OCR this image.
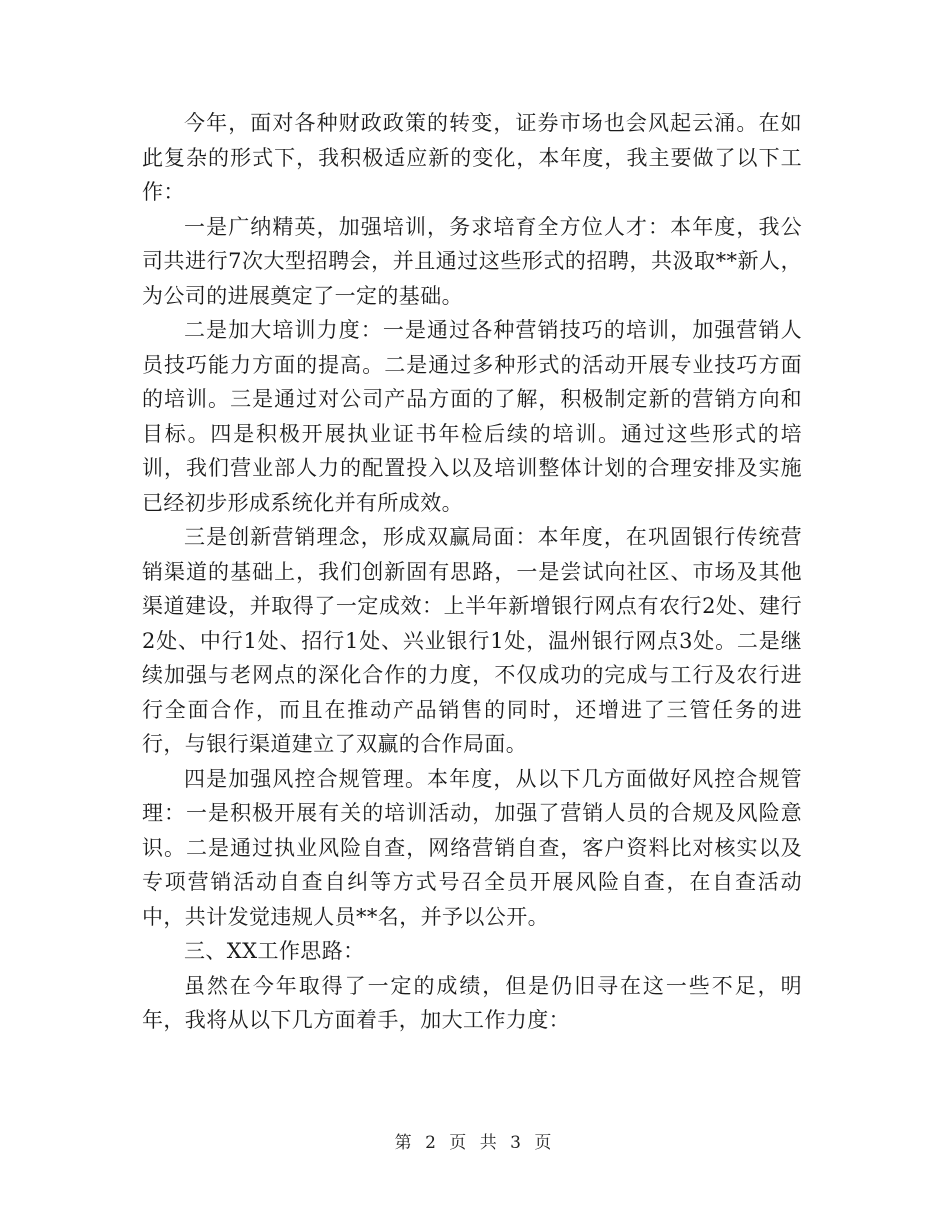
今年，面对各种财政政策的转变，证券市场也会风起云涌。在如此复杂的形式下，我积极适应新的变化，本年度，我主要做了以下工作：

一是广纳精英，加强培训，务求培育全方位人才：本年度，我公司共进行7次大型招聘会，并且通过这些形式的招聘，共汲取**新人，为公司的进展奠定了一定的基础。

二是加大培训力度：一是通过各种营销技巧的培训，加强营销人员技巧能力方面的提高。二是通过多种形式的活动开展专业技巧方面的培训。三是通过对公司产品方面的了解，积极制定新的营销方向和目标。四是积极开展执业证书年检后续的培训。通过这些形式的培训，我们营业部人力的配置投入以及培训整体计划的合理安排及实施已经初步形成系统化并有所成效。

三是创新营销理念，形成双赢局面：本年度，在巩固银行传统营销渠道的基础上，我们创新固有思路，一是尝试向社区、市场及其他渠道建设，并取得了一定成效：上半年新增银行网点有农行2处、建行2处、中行1处、招行1处、兴业银行1处，温州银行网点3处。二是继续加强与老网点的深化合作的力度，不仅成功的完成与工行及农行进行全面合作，而且在推动产品销售的同时，还增进了三管任务的进行，与银行渠道建立了双赢的合作局面。

四是加强风控合规管理。本年度，从以下几方面做好风控合规管理：一是积极开展有关的培训活动，加强了营销人员的合规及风险意识。二是通过执业风险自查，网络营销自查，客户资料比对核实以及专项营销活动自查自纠等方式号召全员开展风险自查，在自查活动中，共计发觉违规人员**名，并予以公开。

三、XX工作思路：

虽然在今年取得了一定的成绩，但是仍旧寻在这一些不足，明年，我将从以下几方面着手，加大工作力度：

第 2 页 共 3 页
